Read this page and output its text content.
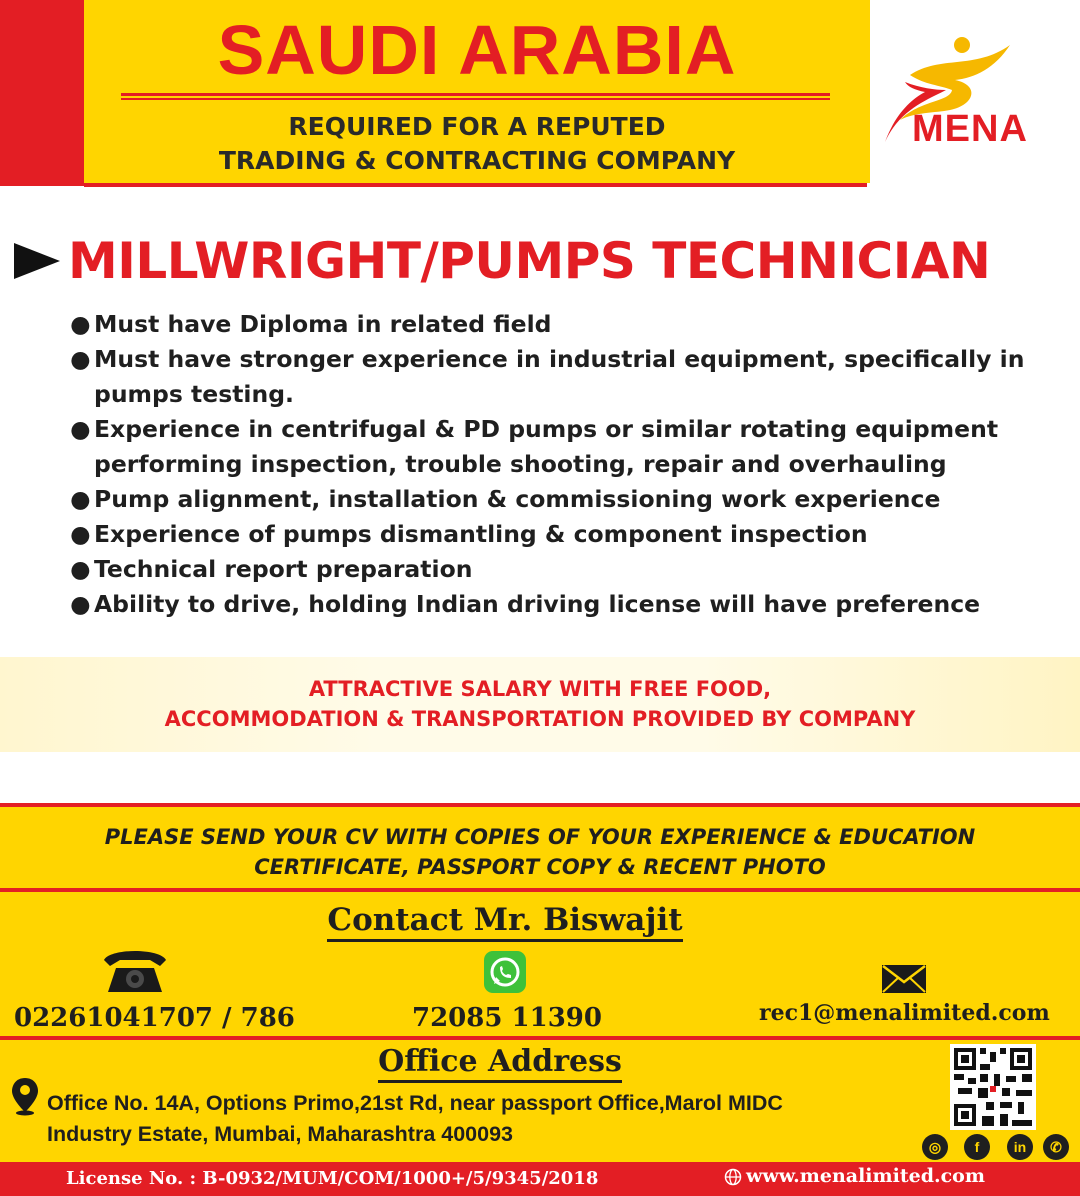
SAUDI ARABIA
REQUIRED FOR A REPUTED
TRADING & CONTRACTING COMPANY
MENA
MILLWRIGHT/PUMPS TECHNICIAN
● Must have Diploma in related field
● Must have stronger experience in industrial equipment, specifically in
pumps testing.
● Experience in centrifugal & PD pumps or similar rotating equipment
performing inspection, trouble shooting, repair and overhauling
● Pump alignment, installation & commissioning work experience
● Experience of pumps dismantling & component inspection
● Technical report preparation
● Ability to drive, holding Indian driving license will have preference
ATTRACTIVE SALARY WITH FREE FOOD,
ACCOMMODATION & TRANSPORTATION PROVIDED BY COMPANY
PLEASE SEND YOUR CV WITH COPIES OF YOUR EXPERIENCE & EDUCATION
CERTIFICATE, PASSPORT COPY & RECENT PHOTO
Contact Mr. Biswajit
02261041707 / 786	72085 11390	rec1@menalimited.com
Office Address
Office No. 14A, Options Primo,21st Rd, near passport Office,Marol MIDC
Industry Estate, Mumbai, Maharashtra 400093
◎	f	in	✆
License No. : B-0932/MUM/COM/1000+/5/9345/2018	www.menalimited.com
